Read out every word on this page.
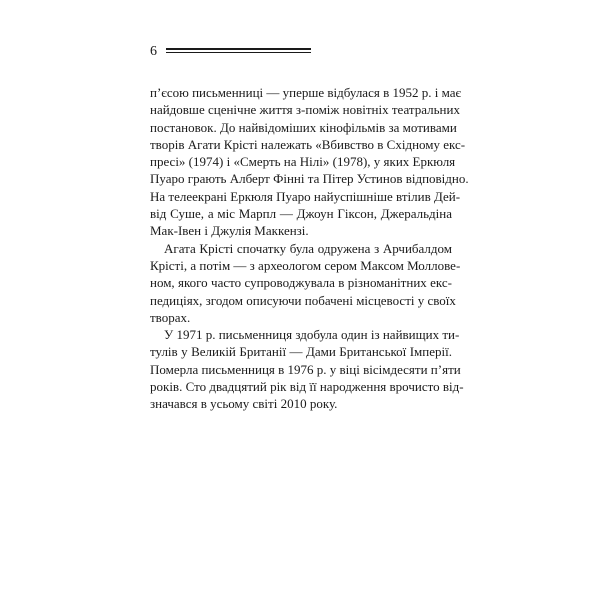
6

п’єсою письменниці — уперше відбулася в 1952 р. і має
найдовше сценічне життя з-поміж новітніх театральних
постановок. До найвідоміших кінофільмів за мотивами
творів Агати Крісті належать «Вбивство в Східному екс-
пресі» (1974) і «Смерть на Нілі» (1978), у яких Еркюля
Пуаро грають Алберт Фінні та Пітер Устинов відповідно.
На телеекрані Еркюля Пуаро найуспішніше втілив Дей-
від Суше, а міс Марпл — Джоун Гіксон, Джеральдіна
Мак-Івен і Джулія Маккензі.

Агата Крісті спочатку була одружена з Арчибалдом
Крісті, а потім — з археологом сером Максом Моллове-
ном, якого часто супроводжувала в різноманітних екс-
педиціях, згодом описуючи побачені місцевості у своїх
творах.

У 1971 р. письменниця здобула один із найвищих ти-
тулів у Великій Британії — Дами Британської Імперії.
Померла письменниця в 1976 р. у віці вісімдесяти п’яти
років. Сто двадцятий рік від її народження врочисто від-
значався в усьому світі 2010 року.
